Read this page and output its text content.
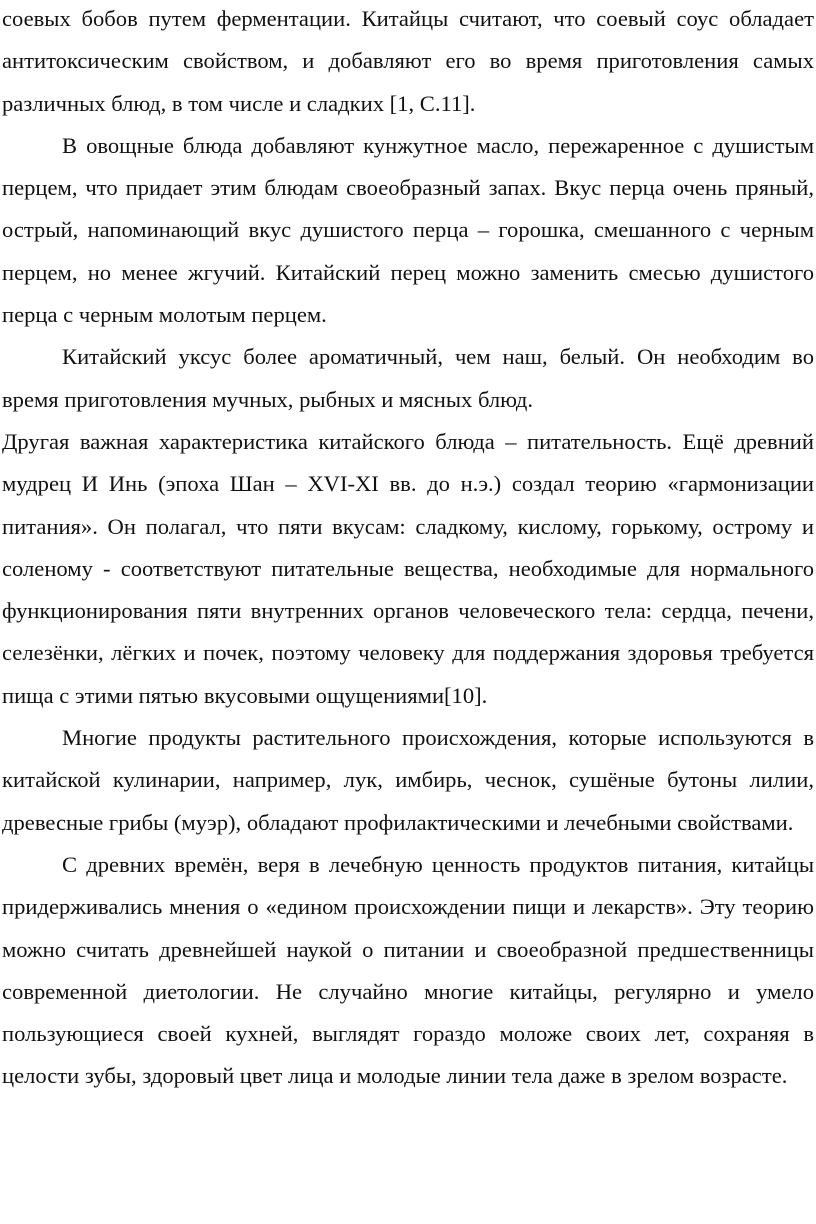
соевых бобов путем ферментации. Китайцы считают, что соевый соус обладает антитоксическим свойством, и добавляют его во время приготовления самых различных блюд, в том числе и сладких [1, С.11].

В овощные блюда добавляют кунжутное масло, пережаренное с душистым перцем, что придает этим блюдам своеобразный запах. Вкус перца очень пряный, острый, напоминающий вкус душистого перца – горошка, смешанного с черным перцем, но менее жгучий. Китайский перец можно заменить смесью душистого перца с черным молотым перцем.

Китайский уксус более ароматичный, чем наш, белый. Он необходим во время приготовления мучных, рыбных и мясных блюд.

Другая важная характеристика китайского блюда – питательность. Ещё древний мудрец И Инь (эпоха Шан – XVI-XI вв. до н.э.) создал теорию «гармонизации питания». Он полагал, что пяти вкусам: сладкому, кислому, горькому, острому и соленому - соответствуют питательные вещества, необходимые для нормального функционирования пяти внутренних органов человеческого тела: сердца, печени, селезёнки, лёгких и почек, поэтому человеку для поддержания здоровья требуется пища с этими пятью вкусовыми ощущениями[10].

Многие продукты растительного происхождения, которые используются в китайской кулинарии, например, лук, имбирь, чеснок, сушёные бутоны лилии, древесные грибы (муэр), обладают профилактическими и лечебными свойствами.

С древних времён, веря в лечебную ценность продуктов питания, китайцы придерживались мнения о «едином происхождении пищи и лекарств». Эту теорию можно считать древнейшей наукой о питании и своеобразной предшественницы современной диетологии. Не случайно многие китайцы, регулярно и умело пользующиеся своей кухней, выглядят гораздо моложе своих лет, сохраняя в целости зубы, здоровый цвет лица и молодые линии тела даже в зрелом возрасте.
